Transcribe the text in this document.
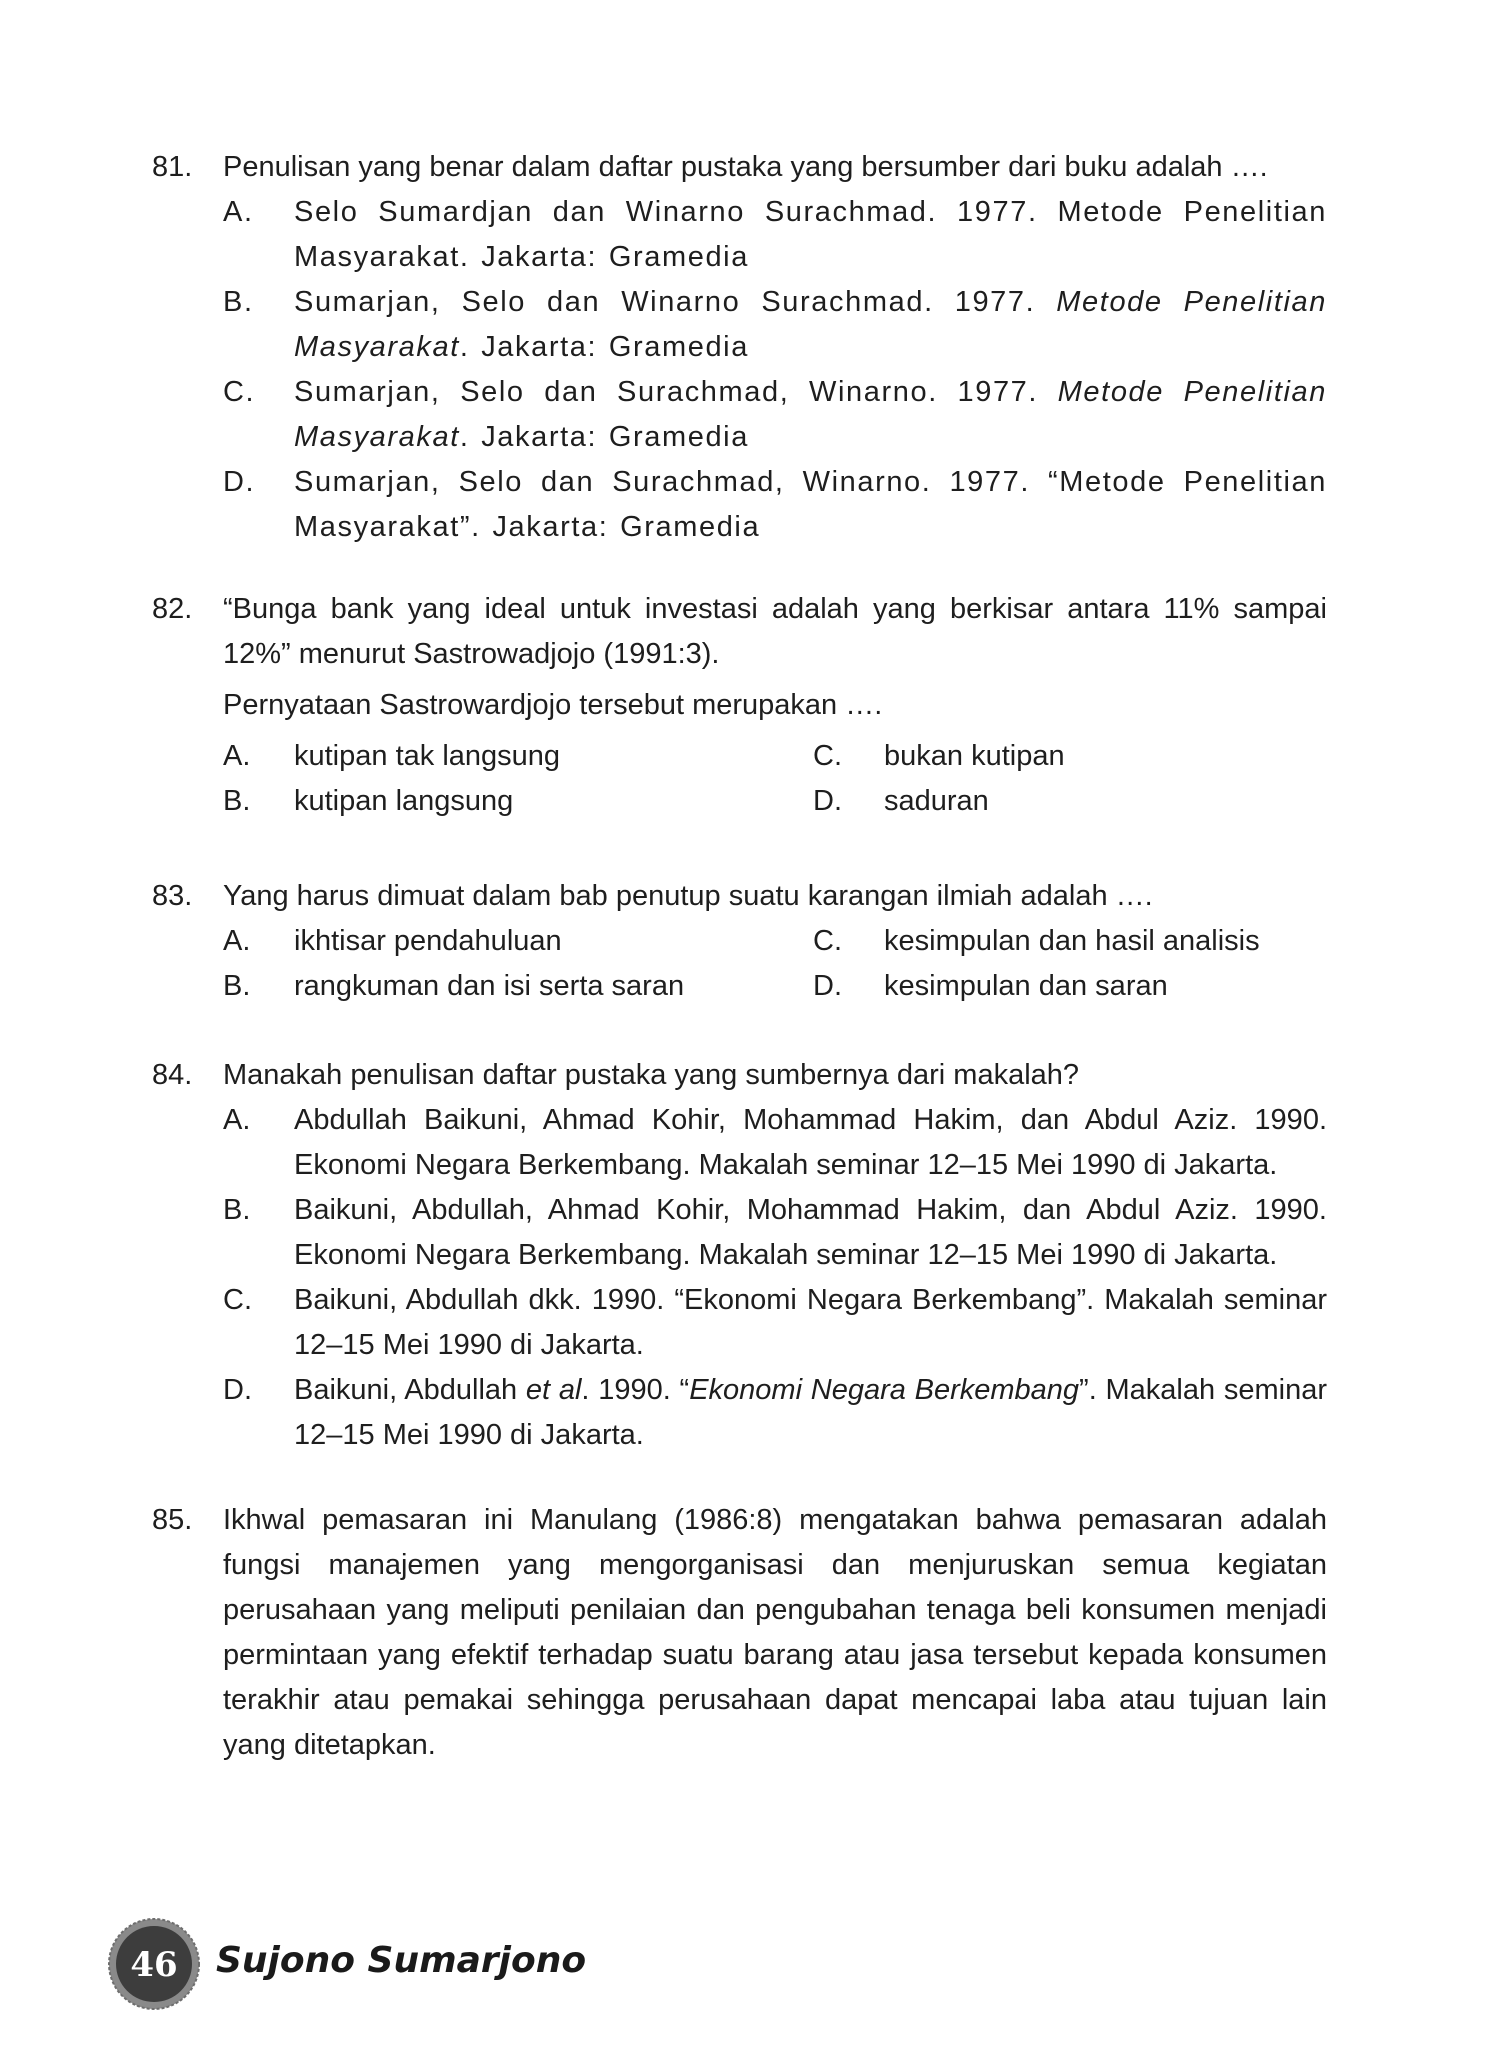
81. Penulisan yang benar dalam daftar pustaka yang bersumber dari buku adalah ….
A. Selo Sumardjan dan Winarno Surachmad. 1977. Metode Penelitian Masyarakat. Jakarta: Gramedia
B. Sumarjan, Selo dan Winarno Surachmad. 1977. Metode Penelitian Masyarakat. Jakarta: Gramedia
C. Sumarjan, Selo dan Surachmad, Winarno. 1977. Metode Penelitian Masyarakat. Jakarta: Gramedia
D. Sumarjan, Selo dan Surachmad, Winarno. 1977. “Metode Penelitian Masyarakat”. Jakarta: Gramedia
82. “Bunga bank yang ideal untuk investasi adalah yang berkisar antara 11% sampai 12%” menurut Sastrowadjojo (1991:3).
Pernyataan Sastrowardjojo tersebut merupakan ….
A. kutipan tak langsung	C. bukan kutipan
B. kutipan langsung	D. saduran
83. Yang harus dimuat dalam bab penutup suatu karangan ilmiah adalah ….
A. ikhtisar pendahuluan	C. kesimpulan dan hasil analisis
B. rangkuman dan isi serta saran	D. kesimpulan dan saran
84. Manakah penulisan daftar pustaka yang sumbernya dari makalah?
A. Abdullah Baikuni, Ahmad Kohir, Mohammad Hakim, dan Abdul Aziz. 1990. Ekonomi Negara Berkembang. Makalah seminar 12–15 Mei 1990 di Jakarta.
B. Baikuni, Abdullah, Ahmad Kohir, Mohammad Hakim, dan Abdul Aziz. 1990. Ekonomi Negara Berkembang. Makalah seminar 12–15 Mei 1990 di Jakarta.
C. Baikuni, Abdullah dkk. 1990. “Ekonomi Negara Berkembang”. Makalah seminar 12–15 Mei 1990 di Jakarta.
D. Baikuni, Abdullah et al. 1990. “Ekonomi Negara Berkembang”. Makalah seminar 12–15 Mei 1990 di Jakarta.
85. Ikhwal pemasaran ini Manulang (1986:8) mengatakan bahwa pemasaran adalah fungsi manajemen yang mengorganisasi dan menjuruskan semua kegiatan perusahaan yang meliputi penilaian dan pengubahan tenaga beli konsumen menjadi permintaan yang efektif terhadap suatu barang atau jasa tersebut kepada konsumen terakhir atau pemakai sehingga perusahaan dapat mencapai laba atau tujuan lain yang ditetapkan.
46 Sujono Sumarjono
